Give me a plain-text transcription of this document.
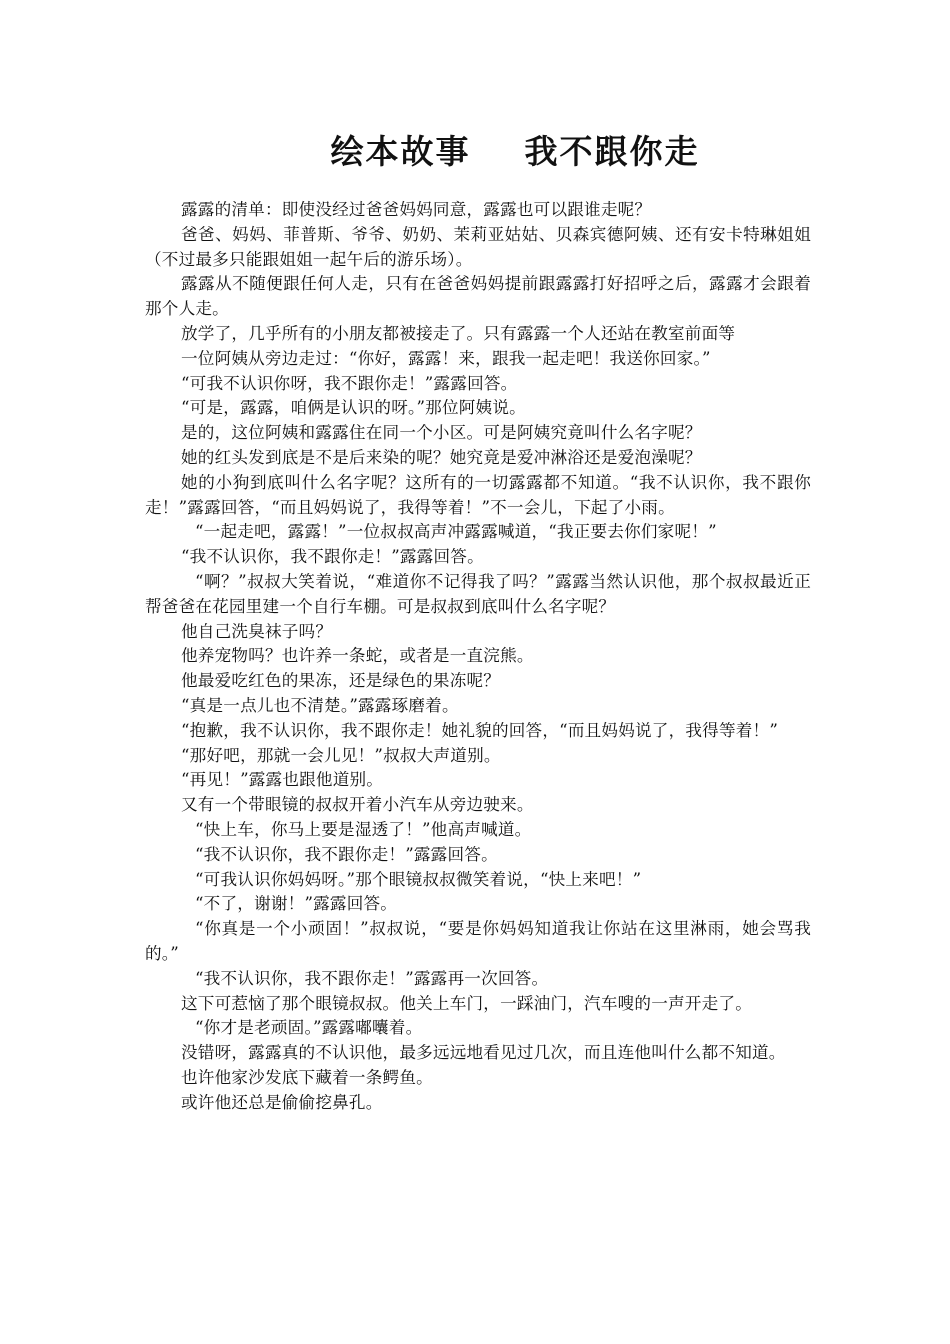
绘本故事    我不跟你走

露露的清单：即使没经过爸爸妈妈同意，露露也可以跟谁走呢？

爸爸、妈妈、菲普斯、爷爷、奶奶、茉莉亚姑姑、贝森宾德阿姨、还有安卡特琳姐姐（不过最多只能跟姐姐一起午后的游乐场）。

露露从不随便跟任何人走，只有在爸爸妈妈提前跟露露打好招呼之后，露露才会跟着那个人走。

放学了，几乎所有的小朋友都被接走了。只有露露一个人还站在教室前面等

一位阿姨从旁边走过：“你好，露露！来，跟我一起走吧！我送你回家。”

“可我不认识你呀，我不跟你走！”露露回答。

“可是，露露，咱俩是认识的呀。”那位阿姨说。

是的，这位阿姨和露露住在同一个小区。可是阿姨究竟叫什么名字呢？

她的红头发到底是不是后来染的呢？她究竟是爱冲淋浴还是爱泡澡呢？

她的小狗到底叫什么名字呢？这所有的一切露露都不知道。“我不认识你，我不跟你走！”露露回答，“而且妈妈说了，我得等着！”不一会儿，下起了小雨。

“一起走吧，露露！”一位叔叔高声冲露露喊道，“我正要去你们家呢！”

“我不认识你，我不跟你走！”露露回答。

“啊？”叔叔大笑着说，“难道你不记得我了吗？”露露当然认识他，那个叔叔最近正帮爸爸在花园里建一个自行车棚。可是叔叔到底叫什么名字呢？

他自己洗臭袜子吗？

他养宠物吗？也许养一条蛇，或者是一直浣熊。

他最爱吃红色的果冻，还是绿色的果冻呢？

“真是一点儿也不清楚。”露露琢磨着。

“抱歉，我不认识你，我不跟你走！她礼貌的回答，“而且妈妈说了，我得等着！”

“那好吧，那就一会儿见！”叔叔大声道别。

“再见！”露露也跟他道别。

又有一个带眼镜的叔叔开着小汽车从旁边驶来。

“快上车，你马上要是湿透了！”他高声喊道。

“我不认识你，我不跟你走！”露露回答。

“可我认识你妈妈呀。”那个眼镜叔叔微笑着说，“快上来吧！”

“不了，谢谢！”露露回答。

“你真是一个小顽固！”叔叔说，“要是你妈妈知道我让你站在这里淋雨，她会骂我的。”

“我不认识你，我不跟你走！”露露再一次回答。

这下可惹恼了那个眼镜叔叔。他关上车门，一踩油门，汽车嗖的一声开走了。

“你才是老顽固。”露露嘟囔着。

没错呀，露露真的不认识他，最多远远地看见过几次，而且连他叫什么都不知道。

也许他家沙发底下藏着一条鳄鱼。

或许他还总是偷偷挖鼻孔。
